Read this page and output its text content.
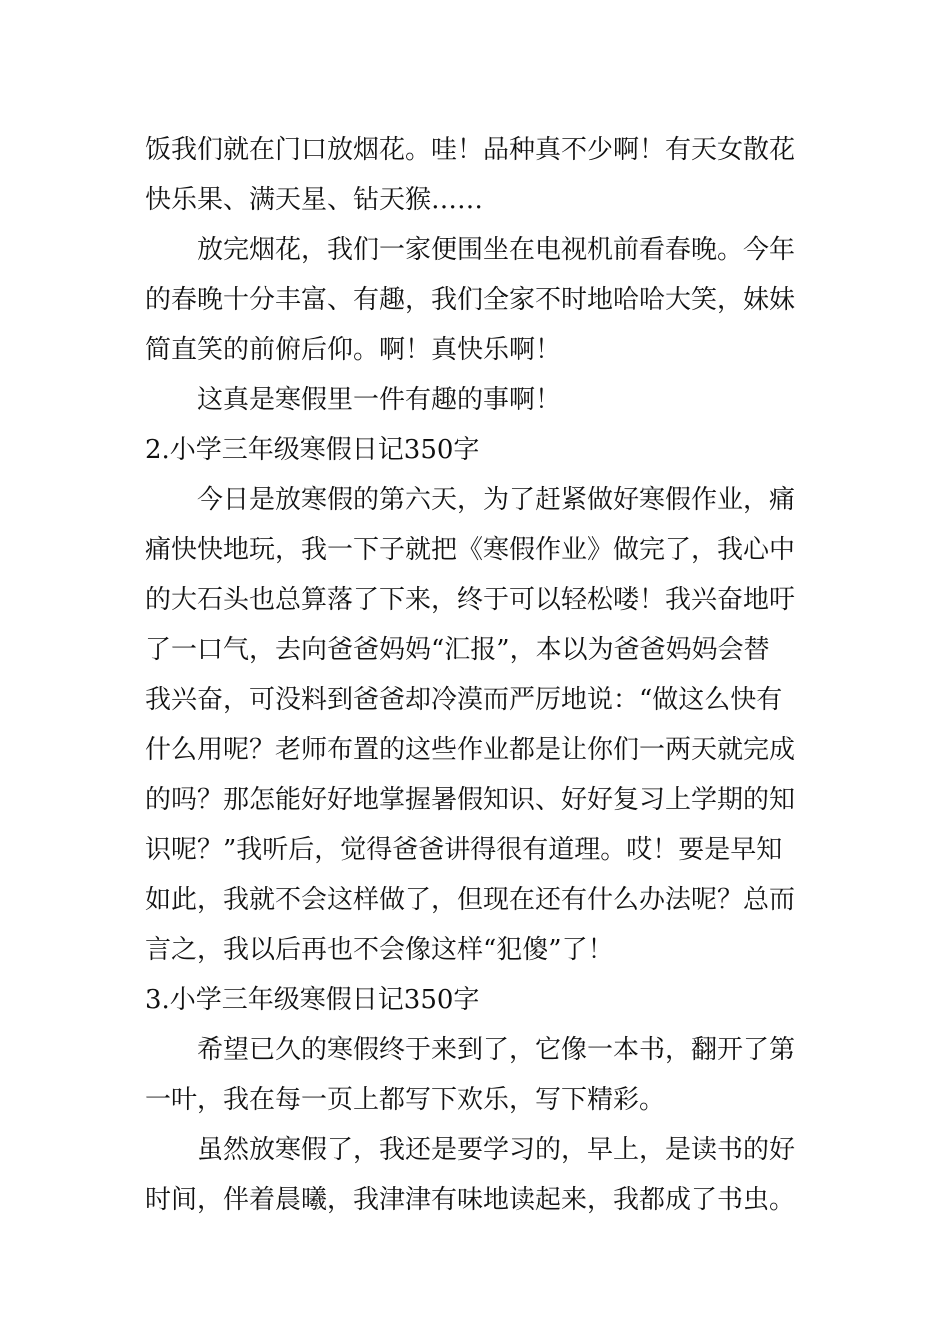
饭我们就在门口放烟花。哇！品种真不少啊！有天女散花
快乐果、满天星、钻天猴……
放完烟花，我们一家便围坐在电视机前看春晚。今年
的春晚十分丰富、有趣，我们全家不时地哈哈大笑，妹妹
简直笑的前俯后仰。啊！真快乐啊！
这真是寒假里一件有趣的事啊！
2.小学三年级寒假日记350字
今日是放寒假的第六天，为了赶紧做好寒假作业，痛
痛快快地玩，我一下子就把《寒假作业》做完了，我心中
的大石头也总算落了下来，终于可以轻松喽！我兴奋地吁
了一口气，去向爸爸妈妈“汇报”，本以为爸爸妈妈会替
我兴奋，可没料到爸爸却冷漠而严厉地说：“做这么快有
什么用呢？老师布置的这些作业都是让你们一两天就完成
的吗？那怎能好好地掌握暑假知识、好好复习上学期的知
识呢？”我听后，觉得爸爸讲得很有道理。哎！要是早知
如此，我就不会这样做了，但现在还有什么办法呢？总而
言之，我以后再也不会像这样“犯傻”了！
3.小学三年级寒假日记350字
希望已久的寒假终于来到了，它像一本书，翻开了第
一叶，我在每一页上都写下欢乐，写下精彩。
虽然放寒假了，我还是要学习的，早上，是读书的好
时间，伴着晨曦，我津津有味地读起来，我都成了书虫。
